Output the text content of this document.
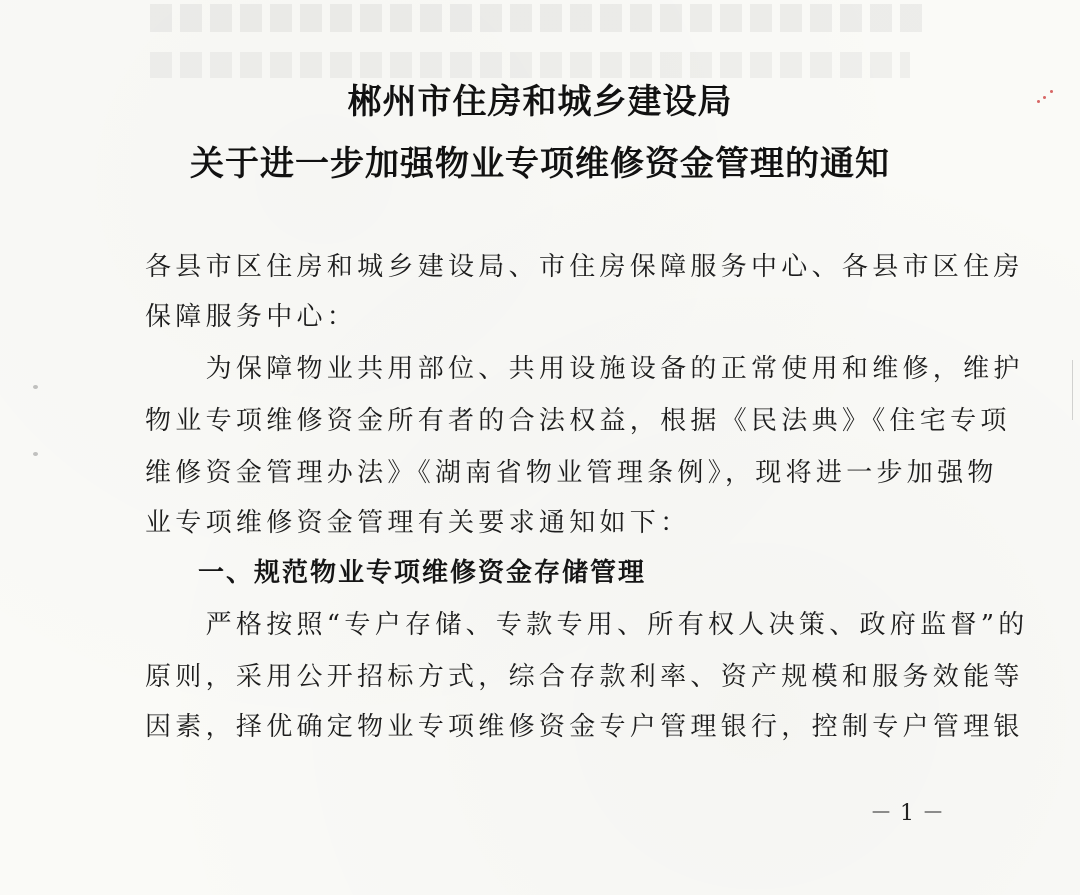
郴州市住房和城乡建设局
关于进一步加强物业专项维修资金管理的通知
各县市区住房和城乡建设局、市住房保障服务中心、各县市区住房
保障服务中心：
　　为保障物业共用部位、共用设施设备的正常使用和维修，维护
物业专项维修资金所有者的合法权益，根据《民法典》《住宅专项
维修资金管理办法》《湖南省物业管理条例》，现将进一步加强物
业专项维修资金管理有关要求通知如下：
一、规范物业专项维修资金存储管理
　　严格按照“专户存储、专款专用、所有权人决策、政府监督”的
原则，采用公开招标方式，综合存款利率、资产规模和服务效能等
因素，择优确定物业专项维修资金专户管理银行，控制专户管理银
－1－
